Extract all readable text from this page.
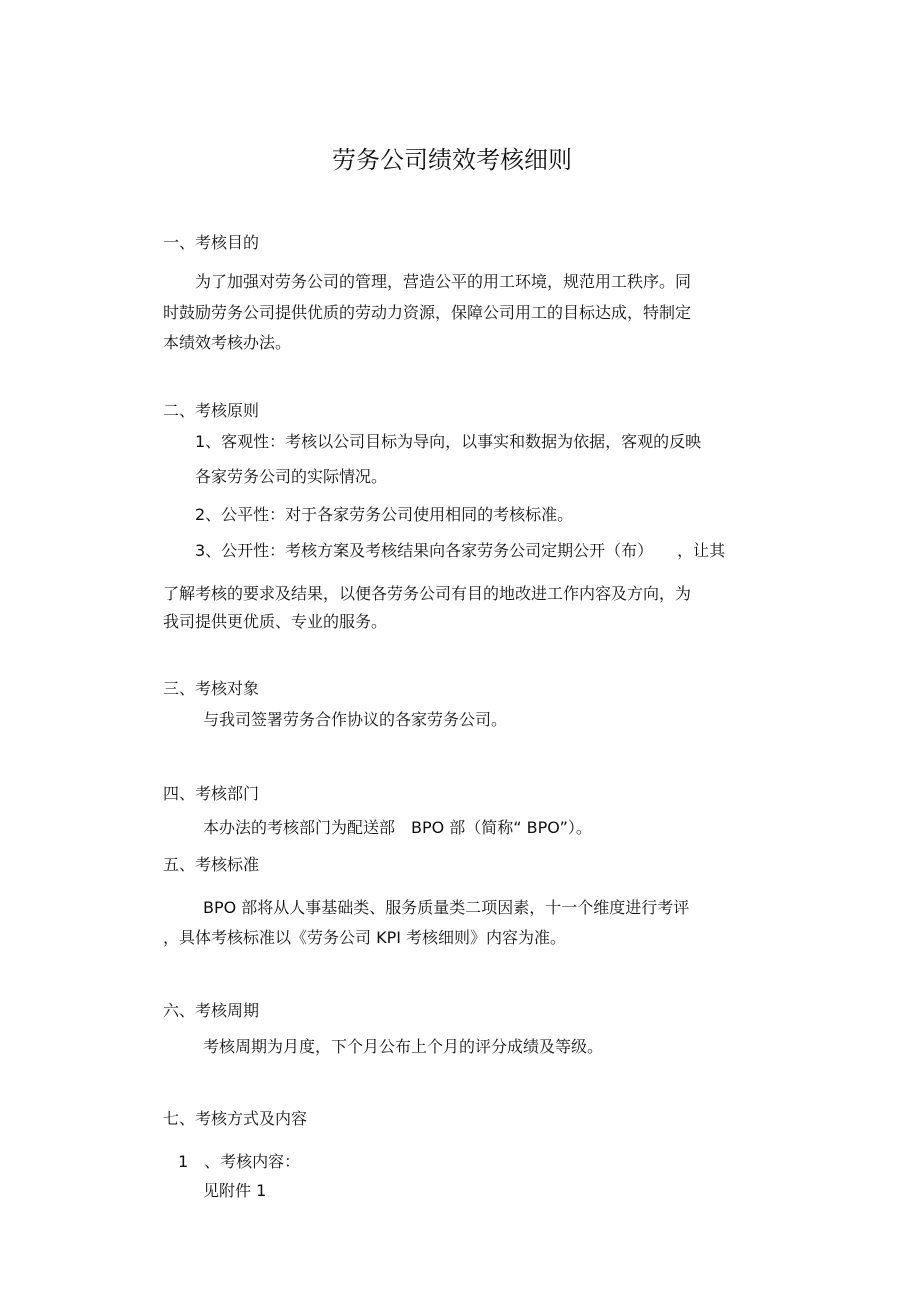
劳务公司绩效考核细则
一、考核目的
为了加强对劳务公司的管理，营造公平的用工环境，规范用工秩序。同
时鼓励劳务公司提供优质的劳动力资源，保障公司用工的目标达成，特制定
本绩效考核办法。
二、考核原则
1、客观性：考核以公司目标为导向，以事实和数据为依据，客观的反映
各家劳务公司的实际情况。
2、公平性：对于各家劳务公司使用相同的考核标准。
3、公开性：考核方案及考核结果向各家劳务公司定期公开（布）　　，让其
了解考核的要求及结果，以便各劳务公司有目的地改进工作内容及方向，为
我司提供更优质、专业的服务。
三、考核对象
与我司签署劳务合作协议的各家劳务公司。
四、考核部门
本办法的考核部门为配送部　BPO 部（简称“ BPO”）。
五、考核标准
BPO 部将从人事基础类、服务质量类二项因素，十一个维度进行考评
，具体考核标准以《劳务公司 KPI 考核细则》内容为准。
六、考核周期
考核周期为月度，下个月公布上个月的评分成绩及等级。
七、考核方式及内容
1　、考核内容：
见附件 1
